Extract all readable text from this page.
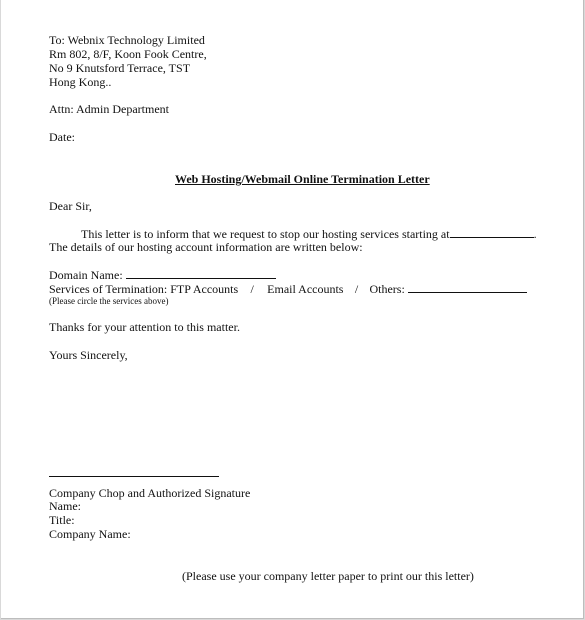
To: Webnix Technology Limited
Rm 802, 8/F, Koon Fook Centre,
No 9 Knutsford Terrace, TST
Hong Kong..
Attn: Admin Department
Date:
Web Hosting/Webmail Online Termination Letter
Dear Sir,
This letter is to inform that we request to stop our hosting services starting at	.
The details of our hosting account information are written below:
Domain Name:
Services of Termination: FTP Accounts / Email Accounts / Others:
(Please circle the services above)
Thanks for your attention to this matter.
Yours Sincerely,
Company Chop and Authorized Signature
Name:
Title:
Company Name:
(Please use your company letter paper to print our this letter)
